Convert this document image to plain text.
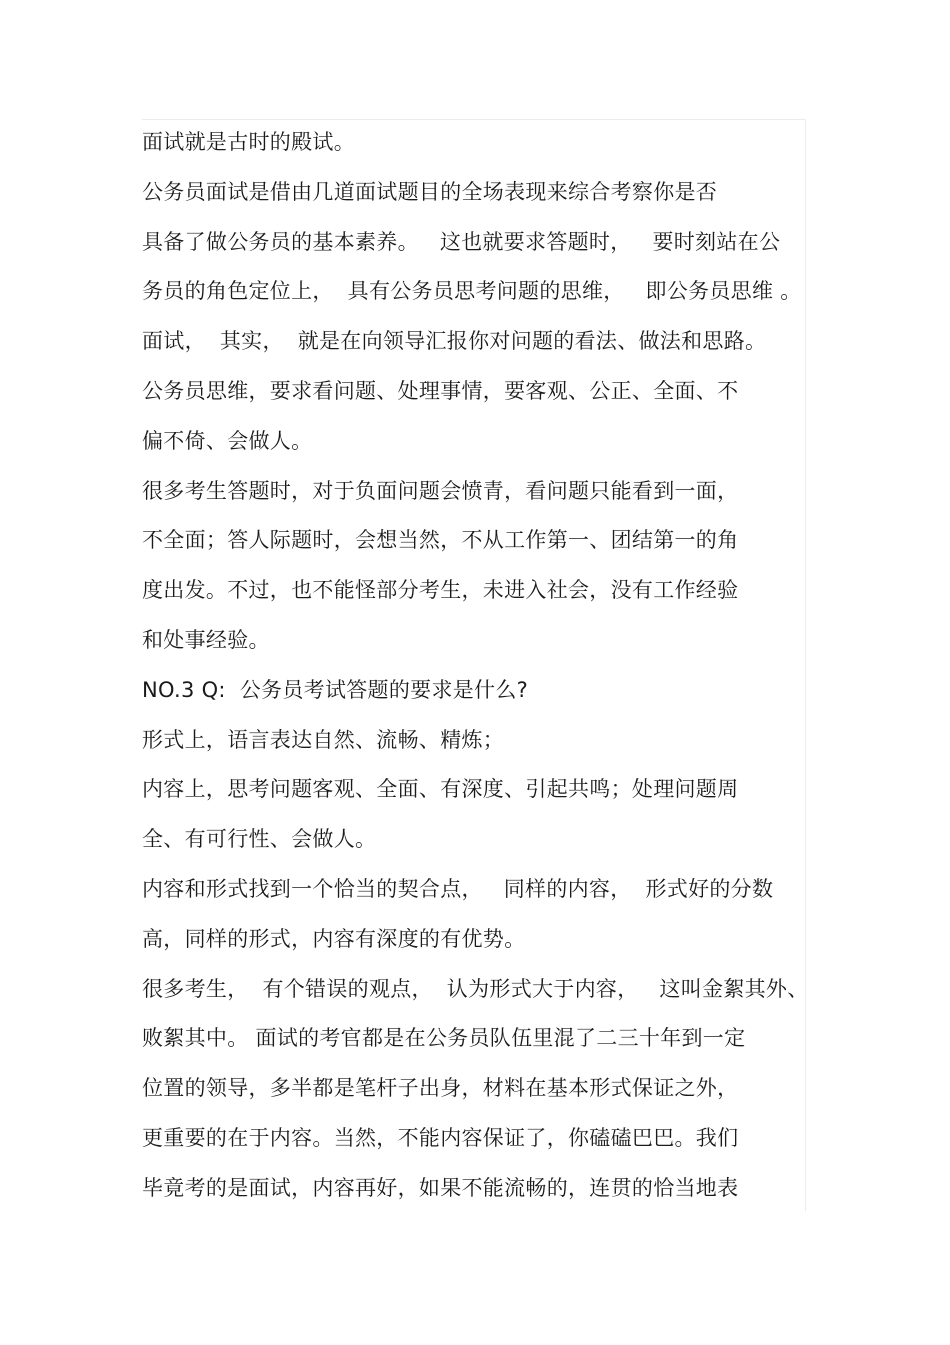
面试就是古时的殿试。
公务员面试是借由几道面试题目的全场表现来综合考察你是否
具备了做公务员的基本素养。   这也就要求答题时，   要时刻站在公
务员的角色定位上，  具有公务员思考问题的思维，   即公务员思维 。
面试，  其实，  就是在向领导汇报你对问题的看法、做法和思路。
公务员思维，要求看问题、处理事情，要客观、公正、全面、不
偏不倚、会做人。
很多考生答题时，对于负面问题会愤青，看问题只能看到一面，
不全面；答人际题时，会想当然，不从工作第一、团结第一的角
度出发。不过，也不能怪部分考生，未进入社会，没有工作经验
和处事经验。
NO.3 Q:  公务员考试答题的要求是什么?
形式上，语言表达自然、流畅、精炼；
内容上，思考问题客观、全面、有深度、引起共鸣；处理问题周
全、有可行性、会做人。
内容和形式找到一个恰当的契合点，   同样的内容，  形式好的分数
高，同样的形式，内容有深度的有优势。
很多考生，  有个错误的观点，  认为形式大于内容，   这叫金絮其外、
败絮其中。 面试的考官都是在公务员队伍里混了二三十年到一定
位置的领导，多半都是笔杆子出身，材料在基本形式保证之外，
更重要的在于内容。当然，不能内容保证了，你磕磕巴巴。我们
毕竟考的是面试，内容再好，如果不能流畅的，连贯的恰当地表
